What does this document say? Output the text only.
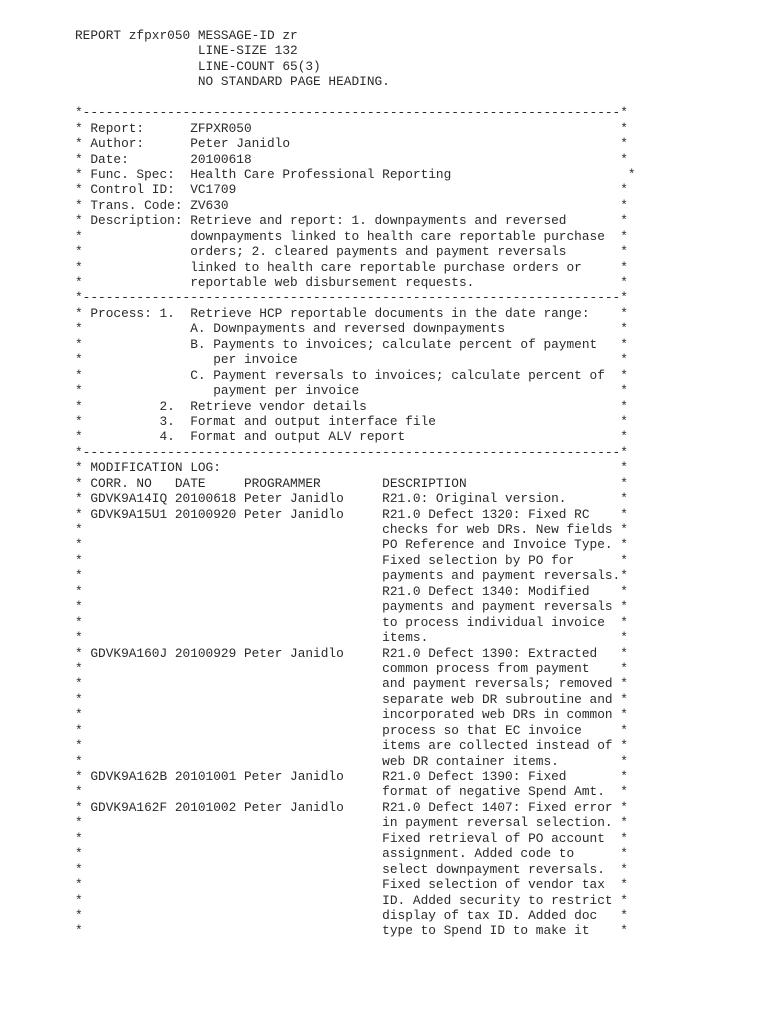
REPORT zfpxr050 MESSAGE-ID zr
LINE-SIZE 132
LINE-COUNT 65(3)
NO STANDARD PAGE HEADING.
*----------------------------------------------------------------------*
* Report:      ZFPXR050                                                *
* Author:      Peter Janidlo                                           *
* Date:        20100618                                                *
* Func. Spec:  Health Care Professional Reporting                       *
* Control ID:  VC1709                                                  *
* Trans. Code: ZV630                                                   *
* Description: Retrieve and report: 1. downpayments and reversed       *
*              downpayments linked to health care reportable purchase  *
*              orders; 2. cleared payments and payment reversals       *
*              linked to health care reportable purchase orders or     *
*              reportable web disbursement requests.                   *
*----------------------------------------------------------------------*
* Process: 1.  Retrieve HCP reportable documents in the date range:    *
*              A. Downpayments and reversed downpayments               *
*              B. Payments to invoices; calculate percent of payment   *
*                 per invoice                                          *
*              C. Payment reversals to invoices; calculate percent of  *
*                 payment per invoice                                  *
*          2.  Retrieve vendor details                                 *
*          3.  Format and output interface file                        *
*          4.  Format and output ALV report                            *
*----------------------------------------------------------------------*
* MODIFICATION LOG:                                                    *
* CORR. NO   DATE     PROGRAMMER        DESCRIPTION                    *
* GDVK9A14IQ 20100618 Peter Janidlo     R21.0: Original version.       *
* GDVK9A15U1 20100920 Peter Janidlo     R21.0 Defect 1320: Fixed RC    *
*                                       checks for web DRs. New fields *
*                                       PO Reference and Invoice Type. *
*                                       Fixed selection by PO for      *
*                                       payments and payment reversals.*
*                                       R21.0 Defect 1340: Modified    *
*                                       payments and payment reversals *
*                                       to process individual invoice  *
*                                       items.                         *
* GDVK9A160J 20100929 Peter Janidlo     R21.0 Defect 1390: Extracted   *
*                                       common process from payment    *
*                                       and payment reversals; removed *
*                                       separate web DR subroutine and *
*                                       incorporated web DRs in common *
*                                       process so that EC invoice     *
*                                       items are collected instead of *
*                                       web DR container items.        *
* GDVK9A162B 20101001 Peter Janidlo     R21.0 Defect 1390: Fixed       *
*                                       format of negative Spend Amt.  *
* GDVK9A162F 20101002 Peter Janidlo     R21.0 Defect 1407: Fixed error *
*                                       in payment reversal selection. *
*                                       Fixed retrieval of PO account  *
*                                       assignment. Added code to      *
*                                       select downpayment reversals.  *
*                                       Fixed selection of vendor tax  *
*                                       ID. Added security to restrict *
*                                       display of tax ID. Added doc   *
*                                       type to Spend ID to make it    *
